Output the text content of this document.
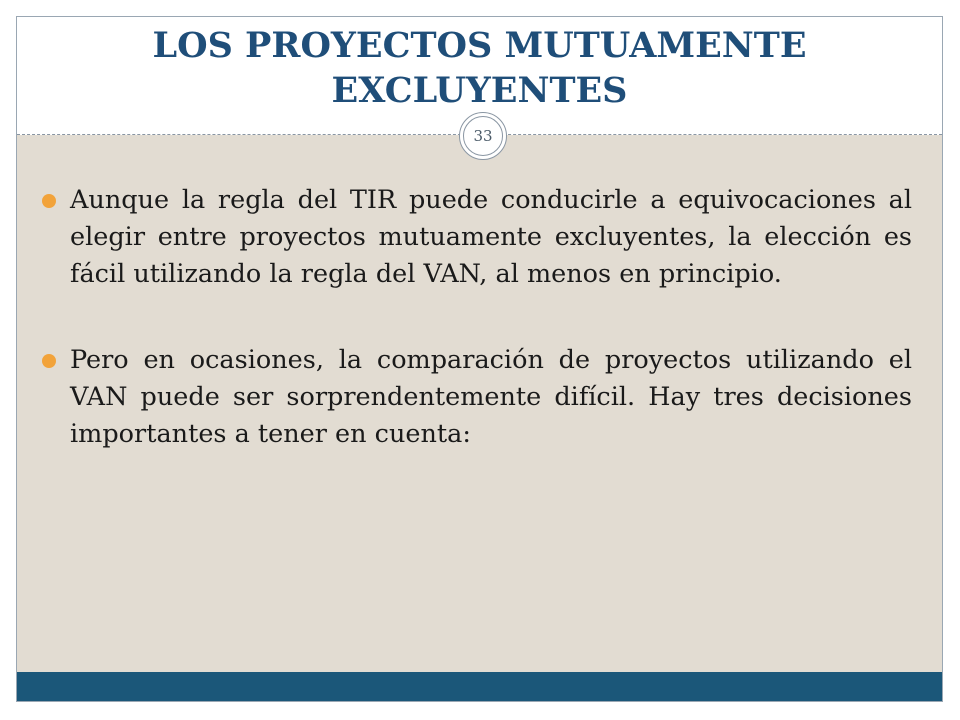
LOS PROYECTOS MUTUAMENTE EXCLUYENTES
Aunque la regla del TIR puede conducirle a equivocaciones al elegir entre proyectos mutuamente excluyentes, la elección es fácil utilizando la regla del VAN, al menos en principio.
Pero en ocasiones, la comparación de proyectos utilizando el VAN puede ser sorprendentemente difícil. Hay tres decisiones importantes a tener en cuenta:
33
